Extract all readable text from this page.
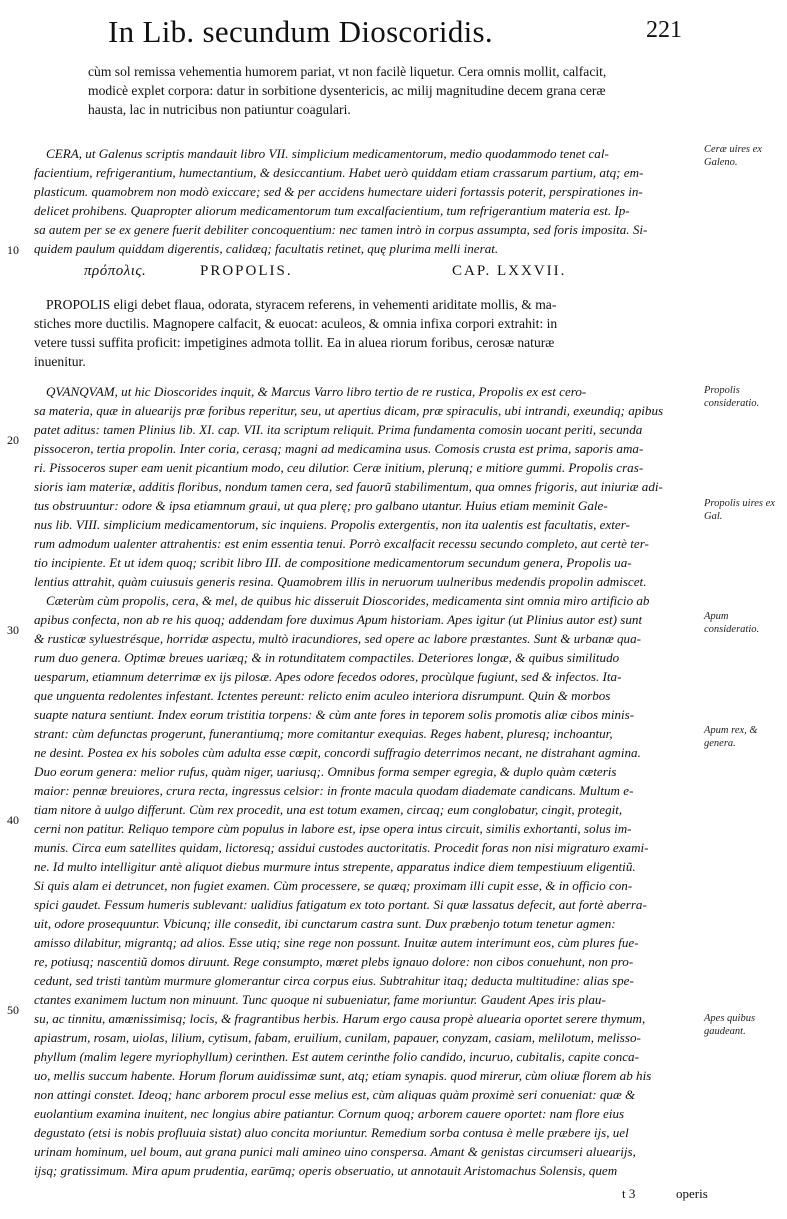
In Lib. secundum Dioscoridis.	221
cùm sol remissa vehementia humorem pariat, vt non facilè liquetur. Cera omnis mollit, calfacit,
modicè explet corpora: datur in sorbitione dysentericis, ac milij magnitudine decem grana ceræ
hausta, lac in nutricibus non patiuntur coagulari.
CERA, ut Galenus scriptis mandauit libro VII. simplicium medicamentorum, medio quodammodo tenet cal-
facientium, refrigerantium, humectantium, & desiccantium. Habet uerò quiddam etiam crassarum partium, atq; em-
plasticum. quamobrem non modò exiccare; sed & per accidens humectare uideri fortassis poterit, perspirationes in-
delicet prohibens. Quapropter aliorum medicamentorum tum excalfacientium, tum refrigerantium materia est. Ip-
sa autem per se ex genere fuerit debiliter concoquentium: nec tamen intrò in corpus assumpta, sed foris imposita. Si-
quidem paulum quiddam digerentis, calidæq; facultatis retinet, quę plurima melli inerat.
πρόπολις.	PROPOLIS.	CAP. LXXVII.
PROPOLIS eligi debet flaua, odorata, styracem referens, in vehementi ariditate mollis, & ma-
stiches more ductilis. Magnopere calfacit, & euocat: aculeos, & omnia infixa corpori extrahit: in
vetere tussi suffita proficit: impetigines admota tollit. Ea in aluea riorum foribus, cerosæ naturæ
inuenitur.
QVANQVAM, ut hic Dioscorides inquit, & Marcus Varro libro tertio de re rustica, Propolis ex est cero-
sa materia, quæ in aluearijs præ foribus reperitur, seu, ut apertius dicam, præ spiraculis, ubi intrandi, exeundiq; apibus
patet aditus: tamen Plinius lib. XI. cap. VII. ita scriptum reliquit. Prima fundamenta comosin uocant periti, secunda
pissoceron, tertia propolin. Inter coria, cerasq; magni ad medicamina usus. Comosis crusta est prima, saporis ama-
ri. Pissoceros super eam uenit picantium modo, ceu dilutior. Ceræ initium, plerunq; e mitiore gummi. Propolis cras-
sioris iam materiæ, additis floribus, nondum tamen cera, sed fauorũ stabilimentum, qua omnes frigoris, aut iniuriæ adi-
tus obstruuntur: odore & ipsa etiamnum graui, ut qua plerę; pro galbano utantur. Huius etiam meminit Gale-
nus lib. VIII. simplicium medicamentorum, sic inquiens. Propolis extergentis, non ita ualentis est facultatis, exter-
rum admodum ualenter attrahentis: est enim essentia tenui. Porrò excalfacit recessu secundo completo, aut certè ter-
tio incipiente. Et ut idem quoq; scribit libro III. de compositione medicamentorum secundum genera, Propolis ua-
lentius attrahit, quàm cuiusuis generis resina. Quamobrem illis in neruorum uulneribus medendis propolin admiscet.
Cæterùm cùm propolis, cera, & mel, de quibus hic disseruit Dioscorides, medicamenta sint omnia miro artificio ab
apibus confecta, non ab re his quoq; addendam fore duximus Apum historiam. Apes igitur (ut Plinius autor est) sunt
& rusticæ syluestrésque, horridæ aspectu, multò iracundiores, sed opere ac labore præstantes. Sunt & urbanæ qua-
rum duo genera. Optimæ breues uariæq; & in rotunditatem compactiles. Deteriores longæ, & quibus similitudo
uesparum, etiamnum deterrimæ ex ijs pilosæ. Apes odore fecedos odores, procùlque fugiunt, sed & infectos. Ita-
que unguenta redolentes infestant. Ictentes pereunt: relicto enim aculeo interiora disrumpunt. Quin & morbos
suapte natura sentiunt. Index eorum tristitia torpens: & cùm ante fores in teporem solis promotis aliæ cibos minis-
strant: cùm defunctas progerunt, funerantiumq; more comitantur exequias. Reges habent, pluresq; inchoantur,
ne desint. Postea ex his soboles cùm adulta esse cœpit, concordi suffragio deterrimos necant, ne distrahant agmina.
Duo eorum genera: melior rufus, quàm niger, uariusq;. Omnibus forma semper egregia, & duplo quàm cæteris
maior: pennæ breuiores, crura recta, ingressus celsior: in fronte macula quodam diademate candicans. Multum e-
tiam nitore à uulgo differunt. Cùm rex procedit, una est totum examen, circaq; eum conglobatur, cingit, protegit,
cerni non patitur. Reliquo tempore cùm populus in labore est, ipse opera intus circuit, similis exhortanti, solus im-
munis. Circa eum satellites quidam, lictoresq; assidui custodes auctoritatis. Procedit foras non nisi migraturo exami-
ne. Id multo intelligitur antè aliquot diebus murmure intus strepente, apparatus indice diem tempestiuum eligentiũ.
Si quis alam ei detruncet, non fugiet examen. Cùm processere, se quæq; proximam illi cupit esse, & in officio con-
spici gaudet. Fessum humeris sublevant: ualidius fatigatum ex toto portant. Si quæ lassatus defecit, aut fortè aberra-
uit, odore prosequuntur. Vbicunq; ille consedit, ibi cunctarum castra sunt. Dux præbenjo totum tenetur agmen:
amisso dilabitur, migrantq; ad alios. Esse utiq; sine rege non possunt. Inuitæ autem interimunt eos, cùm plures fue-
re, potiusq; nascentiũ domos diruunt. Rege consumpto, mœret plebs ignauo dolore: non cibos conuehunt, non pro-
cedunt, sed tristi tantùm murmure glomerantur circa corpus eius. Subtrahitur itaq; deducta multitudine: alias spe-
ctantes exanimem luctum non minuunt. Tunc quoque ni subueniatur, fame moriuntur. Gaudent Apes iris plau-
su, ac tinnitu, amœnissimisq; locis, & fragrantibus herbis. Harum ergo causa propè aluearia oportet serere thymum,
apiastrum, rosam, uiolas, lilium, cytisum, fabam, eruilium, cunilam, papauer, conyzam, casiam, melilotum, melisso-
phyllum (malim legere myriophyllum) cerinthen. Est autem cerinthe folio candido, incuruo, cubitalis, capite conca-
uo, mellis succum habente. Horum florum auidissimæ sunt, atq; etiam synapis. quod mirerur, cùm oliuæ florem ab his
non attingi constet. Ideoq; hanc arborem procul esse melius est, cùm aliquas quàm proximè seri conueniat: quæ &
euolantium examina inuitent, nec longius abire patiantur. Cornum quoq; arborem cauere oportet: nam flore eius
degustato (etsi is nobis profluuia sistat) aluo concita moriuntur. Remedium sorba contusa è melle præbere ijs, uel
urinam hominum, uel boum, aut grana punici mali amineo uino conspersa. Amant & genistas circumseri aluearijs,
ijsq; gratissimum. Mira apum prudentia, earūmq; operis obseruatio, ut annotauit Aristomachus Solensis, quem
10
20
30
40
50
Ceræ uires ex Galeno.
Propolis consideratio.
Propolis uires ex Gal.
Apum consideratio.
Apum rex, & genera.
Apes quibus gaudeant.
t 3	operis
